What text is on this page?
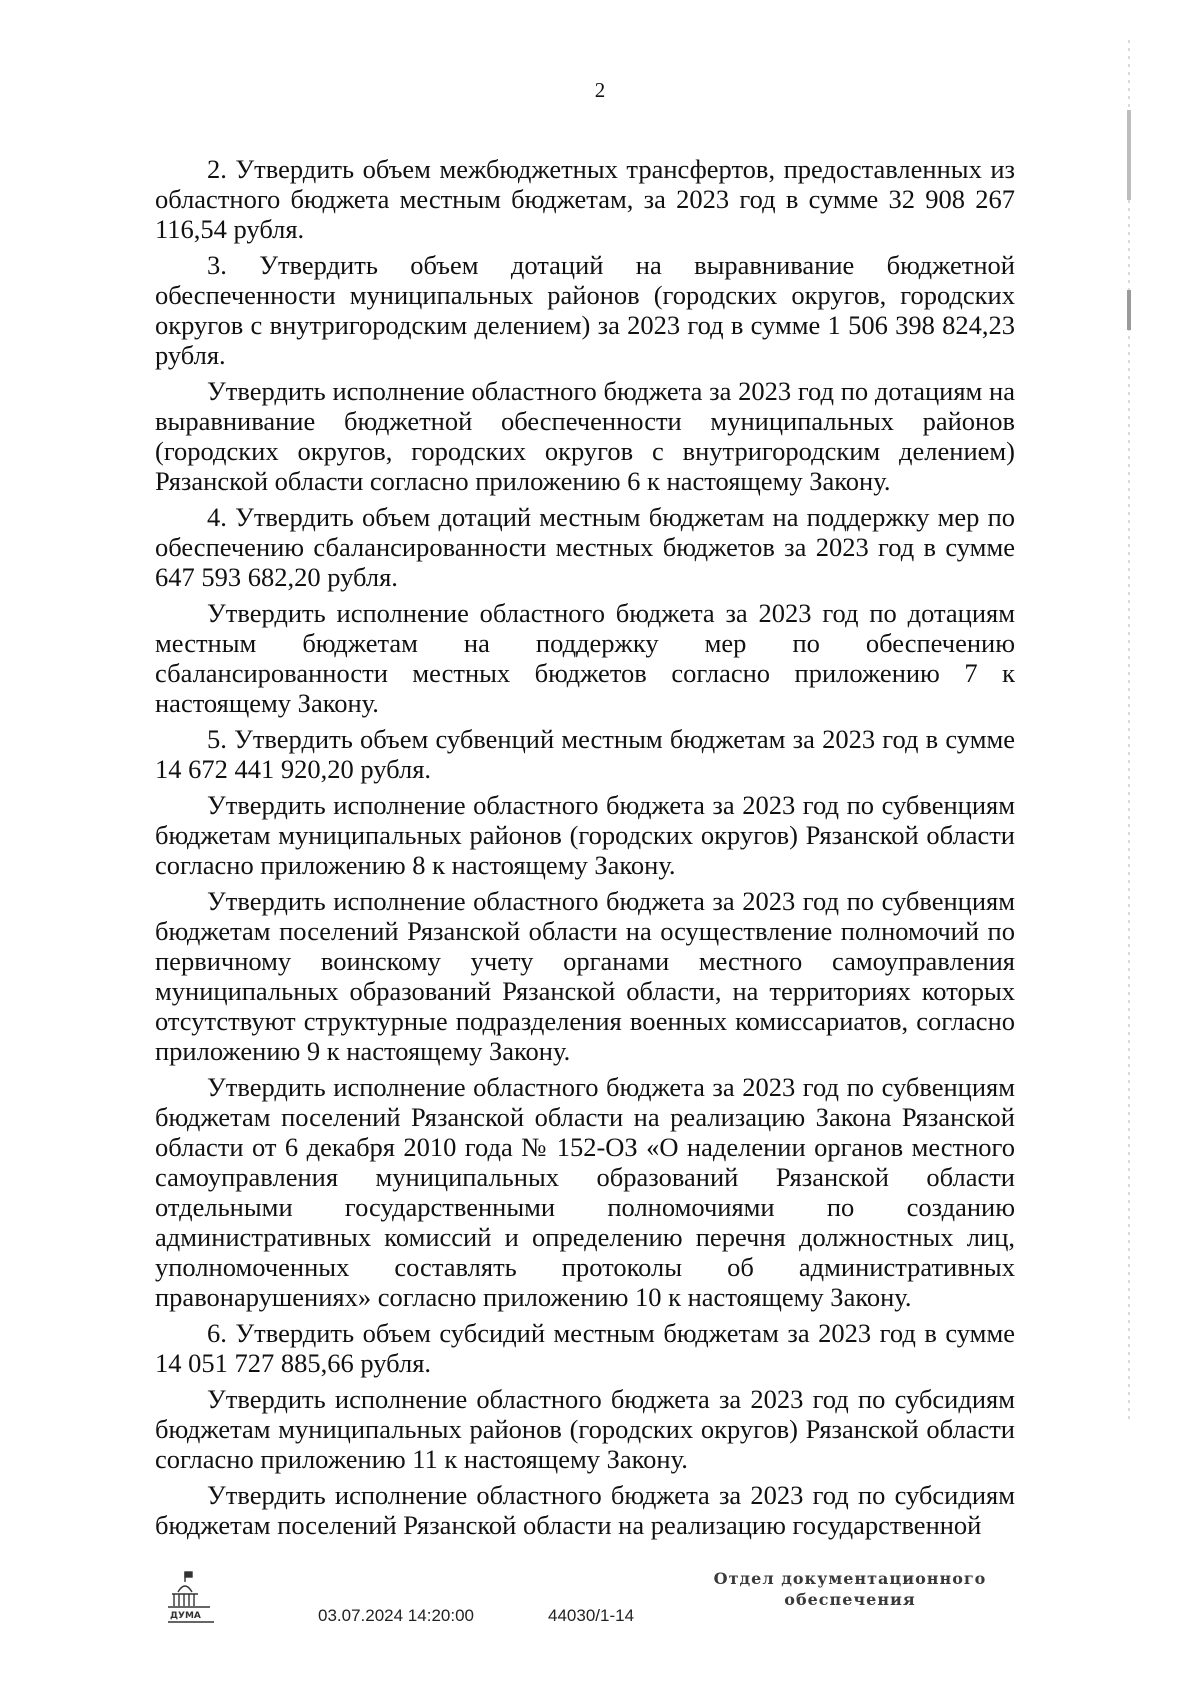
2

2. Утвердить объем межбюджетных трансфертов, предоставленных из областного бюджета местным бюджетам, за 2023 год в сумме 32 908 267 116,54 рубля.

3. Утвердить объем дотаций на выравнивание бюджетной обеспеченности муниципальных районов (городских округов, городских округов с внутригородским делением) за 2023 год в сумме 1 506 398 824,23 рубля.

Утвердить исполнение областного бюджета за 2023 год по дотациям на выравнивание бюджетной обеспеченности муниципальных районов (городских округов, городских округов с внутригородским делением) Рязанской области согласно приложению 6 к настоящему Закону.

4. Утвердить объем дотаций местным бюджетам на поддержку мер по обеспечению сбалансированности местных бюджетов за 2023 год в сумме 647 593 682,20 рубля.

Утвердить исполнение областного бюджета за 2023 год по дотациям местным бюджетам на поддержку мер по обеспечению сбалансированности местных бюджетов согласно приложению 7 к настоящему Закону.

5. Утвердить объем субвенций местным бюджетам за 2023 год в сумме 14 672 441 920,20 рубля.

Утвердить исполнение областного бюджета за 2023 год по субвенциям бюджетам муниципальных районов (городских округов) Рязанской области согласно приложению 8 к настоящему Закону.

Утвердить исполнение областного бюджета за 2023 год по субвенциям бюджетам поселений Рязанской области на осуществление полномочий по первичному воинскому учету органами местного самоуправления муниципальных образований Рязанской области, на территориях которых отсутствуют структурные подразделения военных комиссариатов, согласно приложению 9 к настоящему Закону.

Утвердить исполнение областного бюджета за 2023 год по субвенциям бюджетам поселений Рязанской области на реализацию Закона Рязанской области от 6 декабря 2010 года № 152-ОЗ «О наделении органов местного самоуправления муниципальных образований Рязанской области отдельными государственными полномочиями по созданию административных комиссий и определению перечня должностных лиц, уполномоченных составлять протоколы об административных правонарушениях» согласно приложению 10 к настоящему Закону.

6. Утвердить объем субсидий местным бюджетам за 2023 год в сумме 14 051 727 885,66 рубля.

Утвердить исполнение областного бюджета за 2023 год по субсидиям бюджетам муниципальных районов (городских округов) Рязанской области согласно приложению 11 к настоящему Закону.

Утвердить исполнение областного бюджета за 2023 год по субсидиям бюджетам поселений Рязанской области на реализацию государственной

ДУМА	03.07.2024 14:20:00	44030/1-14
Отдел документационного
обеспечения
